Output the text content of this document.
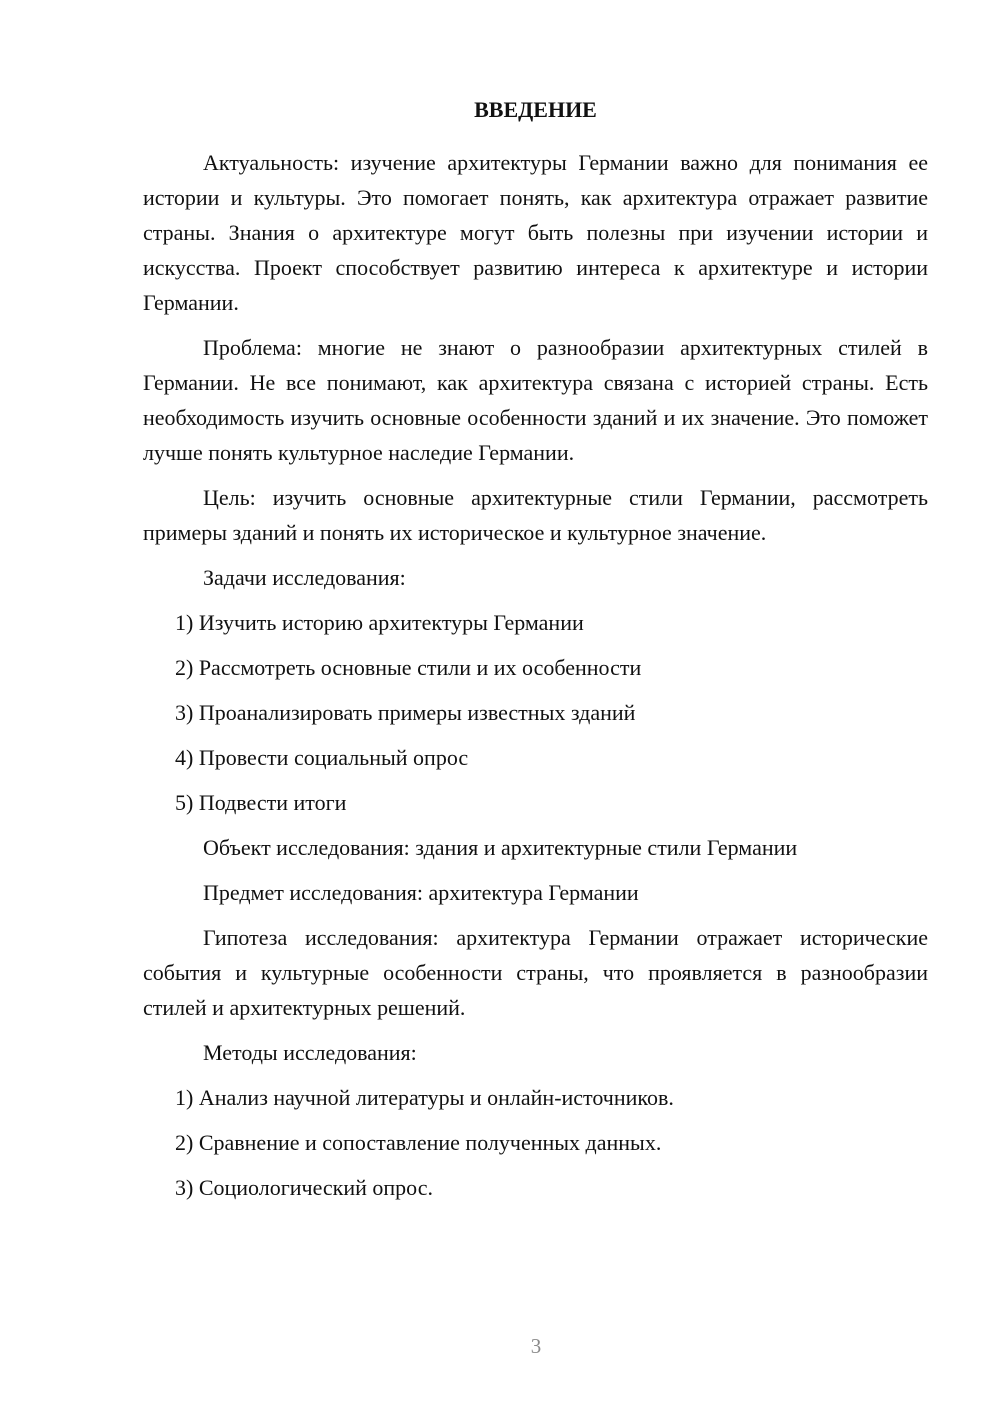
ВВЕДЕНИЕ

Актуальность: изучение архитектуры Германии важно для понимания ее истории и культуры. Это помогает понять, как архитектура отражает развитие страны. Знания о архитектуре могут быть полезны при изучении истории и искусства. Проект способствует развитию интереса к архитектуре и истории Германии.

Проблема: многие не знают о разнообразии архитектурных стилей в Германии. Не все понимают, как архитектура связана с историей страны. Есть необходимость изучить основные особенности зданий и их значение. Это поможет лучше понять культурное наследие Германии.

Цель: изучить основные архитектурные стили Германии, рассмотреть примеры зданий и понять их историческое и культурное значение.

Задачи исследования:

1) Изучить историю архитектуры Германии

2) Рассмотреть основные стили и их особенности

3) Проанализировать примеры известных зданий

4) Провести социальный опрос

5) Подвести итоги

Объект исследования: здания и архитектурные стили Германии

Предмет исследования: архитектура Германии

Гипотеза исследования: архитектура Германии отражает исторические события и культурные особенности страны, что проявляется в разнообразии стилей и архитектурных решений.

Методы исследования:

1) Анализ научной литературы и онлайн-источников.

2) Сравнение и сопоставление полученных данных.

3) Социологический опрос.

3
